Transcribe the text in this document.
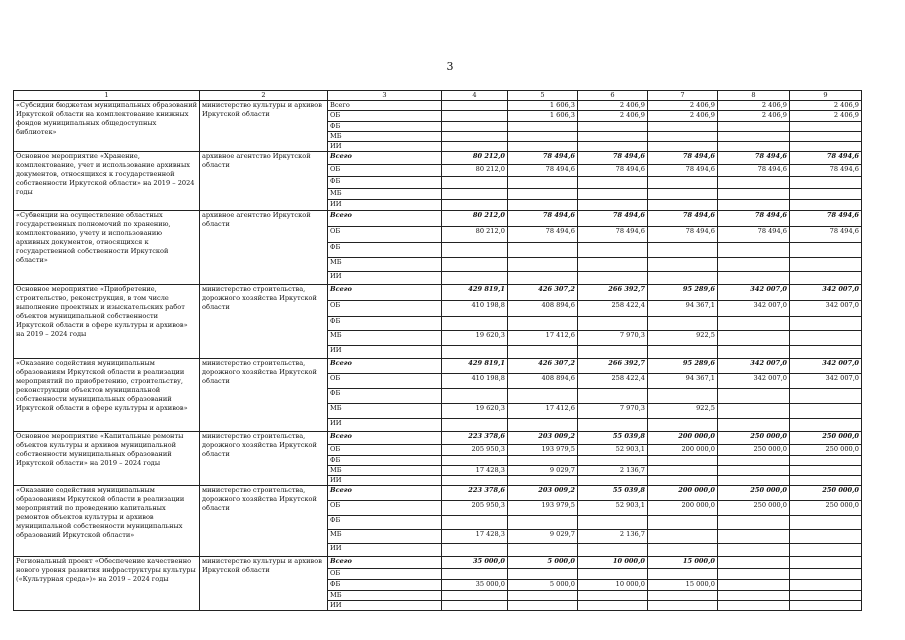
3
1	2	3	4	5	6	7	8	9
«Субсидии бюджетам муниципальных образований Иркутской области на комплектование книжных фондов муниципальных общедоступных библиотек»	министерство культуры и архивов Иркутской области	Всего		1 606,3	2 406,9	2 406,9	2 406,9	2 406,9
		ОБ		1 606,3	2 406,9	2 406,9	2 406,9	2 406,9
		ФБ						
		МБ						
		ИИ						
Основное мероприятие «Хранение, комплектование, учет и использование архивных документов, относящихся к государственной собственности Иркутской области» на 2019 – 2024 годы	архивное агентство Иркутской области	Всего	80 212,0	78 494,6	78 494,6	78 494,6	78 494,6	78 494,6
		ОБ	80 212,0	78 494,6	78 494,6	78 494,6	78 494,6	78 494,6
		ФБ						
		МБ						
		ИИ						
«Субвенции на осуществление областных государственных полномочий по хранению, комплектованию, учету и использованию архивных документов, относящихся к государственной собственности Иркутской области»	архивное агентство Иркутской области	Всего	80 212,0	78 494,6	78 494,6	78 494,6	78 494,6	78 494,6
		ОБ	80 212,0	78 494,6	78 494,6	78 494,6	78 494,6	78 494,6
		ФБ						
		МБ						
		ИИ						
Основное мероприятие «Приобретение, строительство, реконструкция, в том числе выполнение проектных и изыскательских работ объектов муниципальной собственности Иркутской области в сфере культуры и архивов» на 2019 – 2024 годы	министерство строительства, дорожного хозяйства Иркутской области	Всего	429 819,1	426 307,2	266 392,7	95 289,6	342 007,0	342 007,0
		ОБ	410 198,8	408 894,6	258 422,4	94 367,1	342 007,0	342 007,0
		ФБ						
		МБ	19 620,3	17 412,6	7 970,3	922,5		
		ИИ						
«Оказание содействия муниципальным образованиям Иркутской области в реализации мероприятий по приобретению, строительству, реконструкции объектов муниципальной собственности муниципальных образований Иркутской области в сфере культуры и архивов»	министерство строительства, дорожного хозяйства Иркутской области	Всего	429 819,1	426 307,2	266 392,7	95 289,6	342 007,0	342 007,0
		ОБ	410 198,8	408 894,6	258 422,4	94 367,1	342 007,0	342 007,0
		ФБ						
		МБ	19 620,3	17 412,6	7 970,3	922,5		
		ИИ						
Основное мероприятие «Капитальные ремонты объектов культуры и архивов муниципальной собственности муниципальных образований Иркутской области» на 2019 – 2024 годы	министерство строительства, дорожного хозяйства Иркутской области	Всего	223 378,6	203 009,2	55 039,8	200 000,0	250 000,0	250 000,0
		ОБ	205 950,3	193 979,5	52 903,1	200 000,0	250 000,0	250 000,0
		ФБ						
		МБ	17 428,3	9 029,7	2 136,7			
		ИИ						
«Оказание содействия муниципальным образованиям Иркутской области в реализации мероприятий по проведению капитальных ремонтов объектов культуры и архивов муниципальной собственности муниципальных образований Иркутской области»	министерство строительства, дорожного хозяйства Иркутской области	Всего	223 378,6	203 009,2	55 039,8	200 000,0	250 000,0	250 000,0
		ОБ	205 950,3	193 979,5	52 903,1	200 000,0	250 000,0	250 000,0
		ФБ						
		МБ	17 428,3	9 029,7	2 136,7			
		ИИ						
Региональный проект «Обеспечение качественно нового уровня развития инфраструктуры культуры («Культурная среда»)» на 2019 – 2024 годы	министерство культуры и архивов Иркутской области	Всего	35 000,0	5 000,0	10 000,0	15 000,0		
		ОБ						
		ФБ	35 000,0	5 000,0	10 000,0	15 000,0		
		МБ						
		ИИ						
